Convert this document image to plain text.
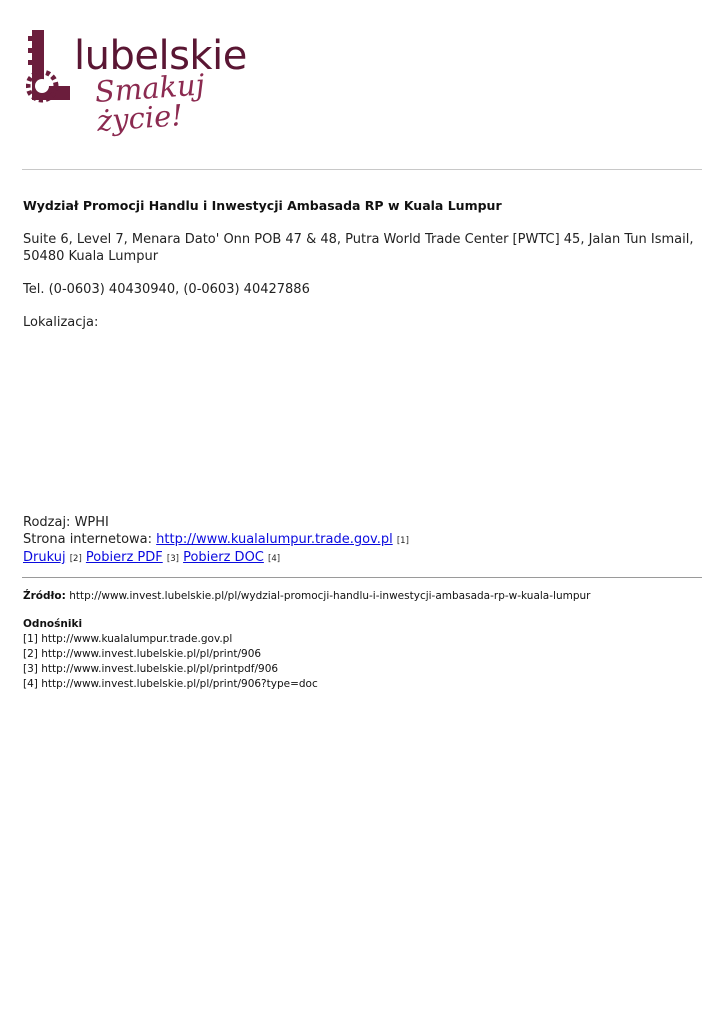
lubelskie
Smakuj życie!
Wydział Promocji Handlu i Inwestycji Ambasada RP w Kuala Lumpur
Suite 6, Level 7, Menara Dato' Onn POB 47 & 48, Putra World Trade Center [PWTC] 45, Jalan Tun Ismail, 50480 Kuala Lumpur
Tel. (0-0603) 40430940, (0-0603) 40427886
Lokalizacja:
Rodzaj: WPHI
Strona internetowa: http://www.kualalumpur.trade.gov.pl [1]
Drukuj [2] Pobierz PDF [3] Pobierz DOC [4]
Źródło: http://www.invest.lubelskie.pl/pl/wydzial-promocji-handlu-i-inwestycji-ambasada-rp-w-kuala-lumpur
Odnośniki
[1] http://www.kualalumpur.trade.gov.pl
[2] http://www.invest.lubelskie.pl/pl/print/906
[3] http://www.invest.lubelskie.pl/pl/printpdf/906
[4] http://www.invest.lubelskie.pl/pl/print/906?type=doc
